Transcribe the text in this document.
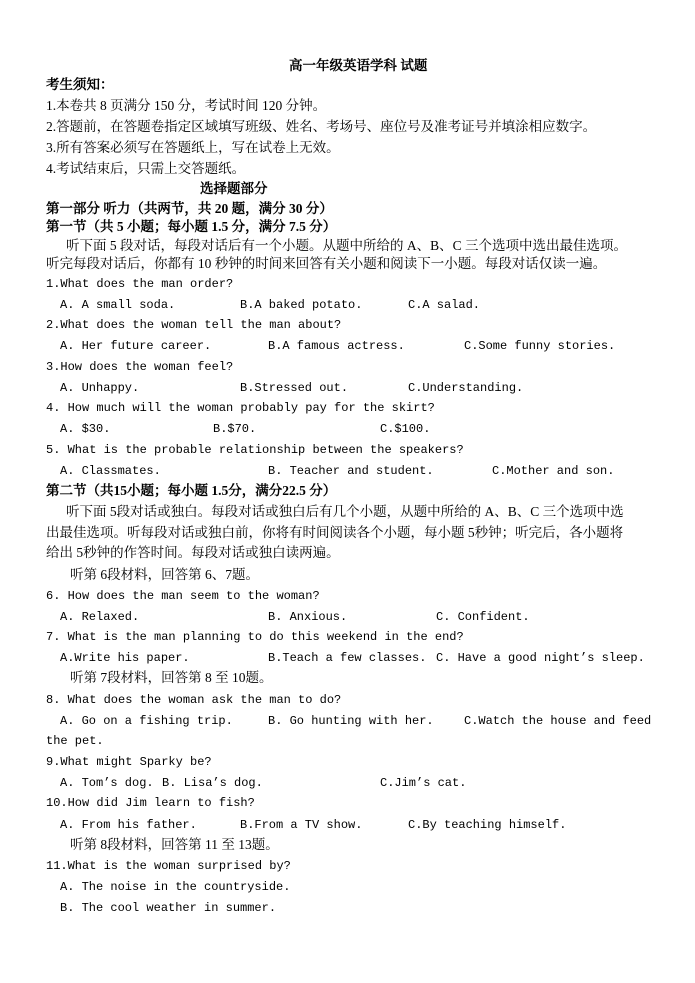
高一年级英语学科 试题
考生须知：
1.本卷共 8 页满分 150 分，考试时间 120 分钟。
2.答题前，在答题卷指定区域填写班级、姓名、考场号、座位号及准考证号并填涂相应数字。
3.所有答案必须写在答题纸上，写在试卷上无效。
4.考试结束后，只需上交答题纸。
选择题部分
第一部分 听力（共两节，共 20 题，满分 30 分）
第一节（共 5 小题；每小题 1.5 分，满分 7.5 分）
听下面 5 段对话，每段对话后有一个小题。从题中所给的 A、B、C 三个选项中选出最佳选项。
听完每段对话后，你都有 10 秒钟的时间来回答有关小题和阅读下一小题。每段对话仅读一遍。
1.What does the man order?
A. A small soda.	B.A baked potato.	C.A salad.
2.What does the woman tell the man about?
A. Her future career.	B.A famous actress.	C.Some funny stories.
3.How does the woman feel?
A. Unhappy.	B.Stressed out.	C.Understanding.
4. How much will the woman probably pay for the skirt?
A. $30.	B.$70.	C.$100.
5. What is the probable relationship between the speakers?
A. Classmates.	B. Teacher and student.	C.Mother and son.
第二节（共15小题；每小题 1.5分，满分22.5 分）
听下面 5段对话或独白。每段对话或独白后有几个小题，从题中所给的 A、B、C 三个选项中选
出最佳选项。听每段对话或独白前，你将有时间阅读各个小题，每小题 5秒钟；听完后，各小题将
给出 5秒钟的作答时间。每段对话或独白读两遍。
听第 6段材料，回答第 6、7题。
6. How does the man seem to the woman?
A. Relaxed.	B. Anxious.	C. Confident.
7. What is the man planning to do this weekend in the end?
A.Write his paper.	B.Teach a few classes. C. Have a good night’s sleep.
听第 7段材料，回答第 8 至 10题。
8. What does the woman ask the man to do?
A. Go on a fishing trip.	B. Go hunting with her.	C.Watch the house and feed
the pet.
9.What might Sparky be?
A. Tom’s dog. B. Lisa’s dog.	C.Jim’s cat.
10.How did Jim learn to fish?
A. From his father.	B.From a TV show.	C.By teaching himself.
听第 8段材料，回答第 11 至 13题。
11.What is the woman surprised by?
A. The noise in the countryside.
B. The cool weather in summer.
